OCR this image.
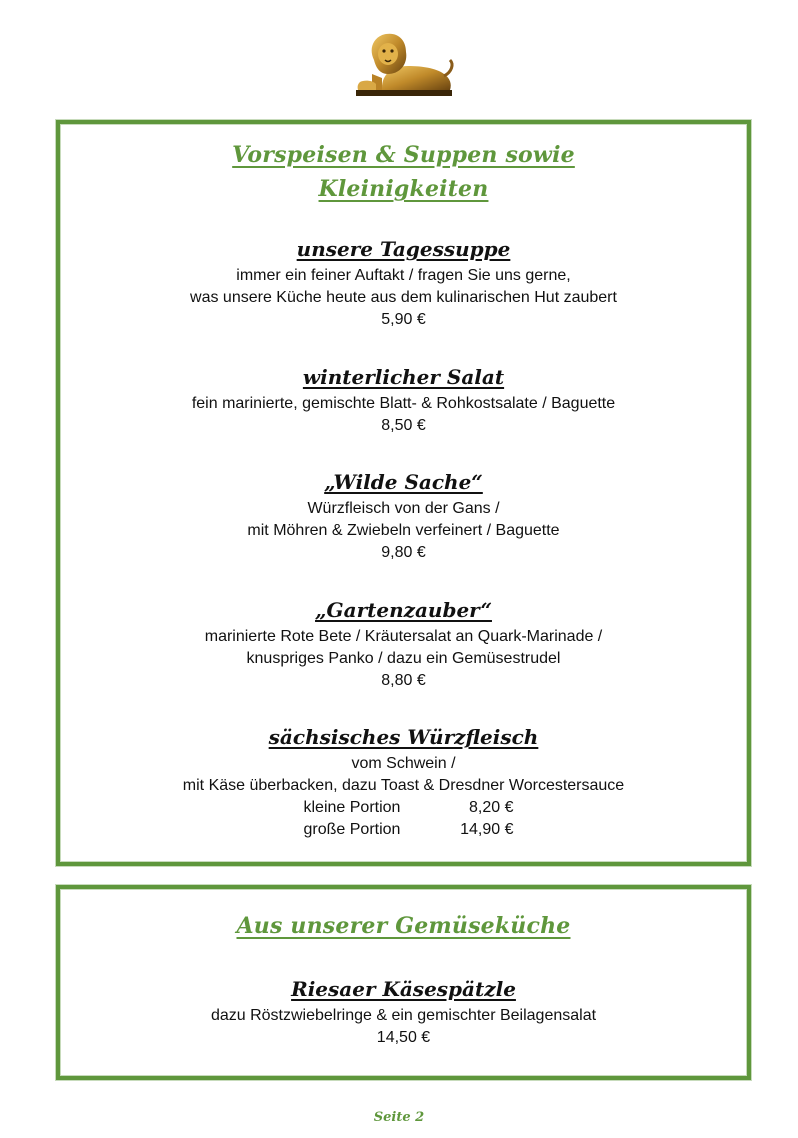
Vorspeisen & Suppen sowie
Kleinigkeiten
unsere Tagessuppe
immer ein feiner Auftakt / fragen Sie uns gerne,
was unsere Küche heute aus dem kulinarischen Hut zaubert
5,90 €
winterlicher Salat
fein marinierte, gemischte Blatt- & Rohkostsalate / Baguette
8,50 €
„Wilde Sache“
Würzfleisch von der Gans /
mit Möhren & Zwiebeln verfeinert / Baguette
9,80 €
„Gartenzauber“
marinierte Rote Bete / Kräutersalat an Quark-Marinade /
knuspriges Panko / dazu ein Gemüsestrudel
8,80 €
sächsisches Würzfleisch
vom Schwein /
mit Käse überbacken, dazu Toast & Dresdner Worcestersauce
kleine Portion	8,20 €
große Portion	14,90 €
Aus unserer Gemüseküche
Riesaer Käsespätzle
dazu Röstzwiebelringe & ein gemischter Beilagensalat
14,50 €
Seite 2
